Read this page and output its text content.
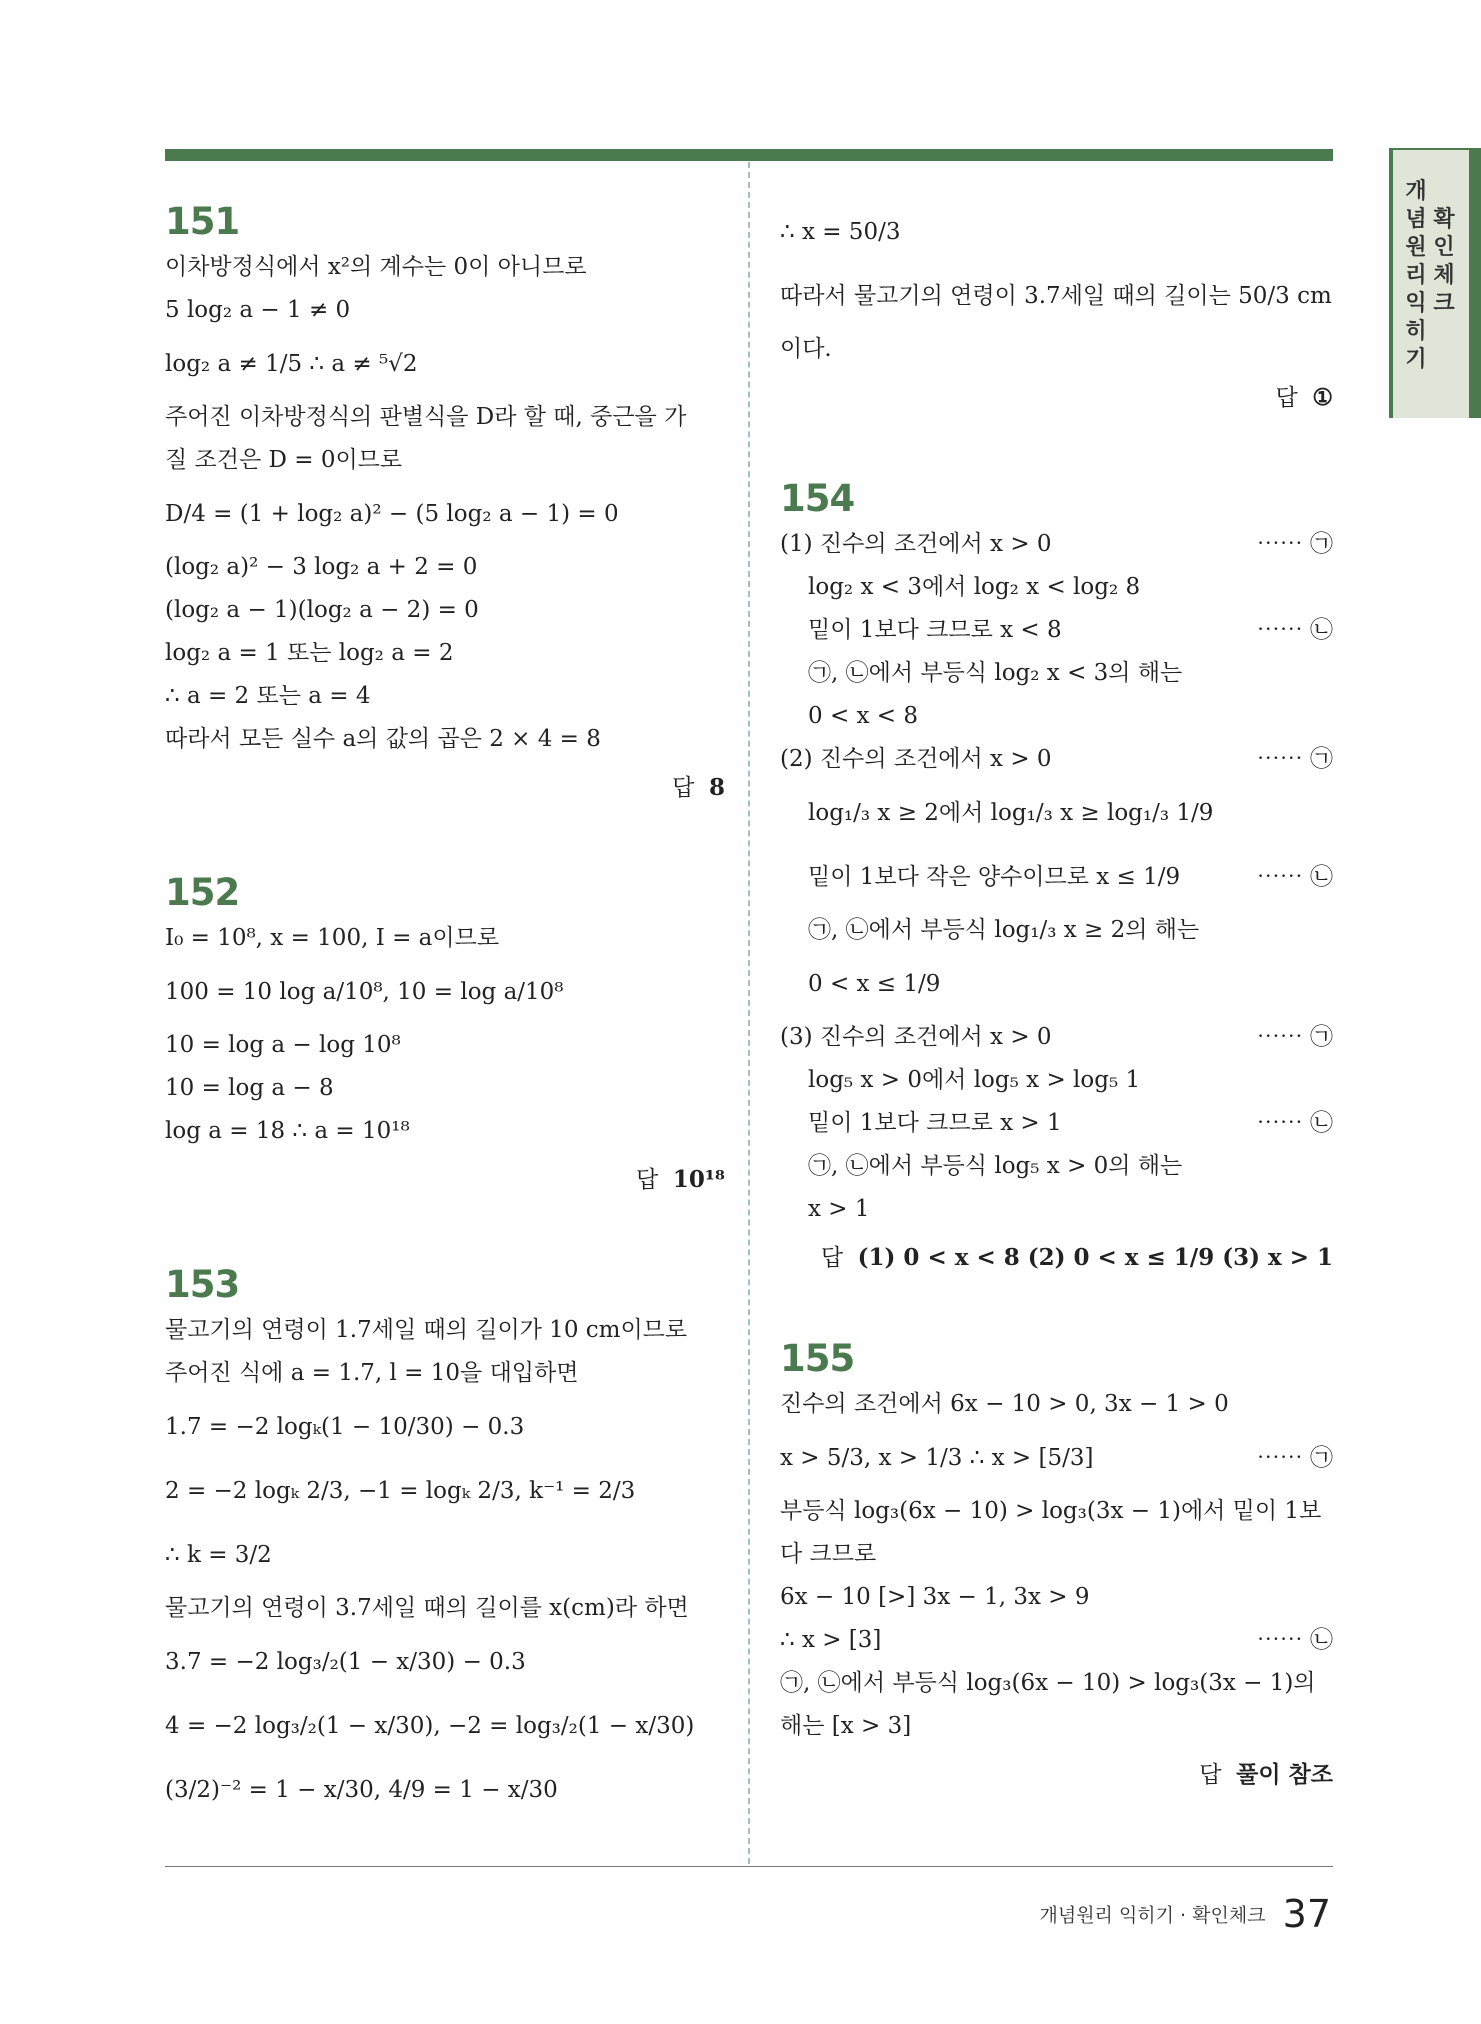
개념원리 익히기
확인체크
151
이차방정식에서 x²의 계수는 0이 아니므로
5 log₂ a − 1 ≠ 0
log₂ a ≠ 1/5 ∴ a ≠ ⁵√2
주어진 이차방정식의 판별식을 D라 할 때, 중근을 가
질 조건은 D = 0이므로
D/4 = (1 + log₂ a)² − (5 log₂ a − 1) = 0
(log₂ a)² − 3 log₂ a + 2 = 0
(log₂ a − 1)(log₂ a − 2) = 0
log₂ a = 1 또는 log₂ a = 2
∴ a = 2 또는 a = 4
따라서 모든 실수 a의 값의 곱은 2 × 4 = 8
답 8
152
I₀ = 10⁸, x = 100, I = a이므로
100 = 10 log a/10⁸, 10 = log a/10⁸
10 = log a − log 10⁸
10 = log a − 8
log a = 18 ∴ a = 10¹⁸
답 10¹⁸
153
물고기의 연령이 1.7세일 때의 길이가 10 cm이므로
주어진 식에 a = 1.7, l = 10을 대입하면
1.7 = −2 logₖ(1 − 10/30) − 0.3
2 = −2 logₖ 2/3, −1 = logₖ 2/3, k⁻¹ = 2/3
∴ k = 3/2
물고기의 연령이 3.7세일 때의 길이를 x(cm)라 하면
3.7 = −2 log₃/₂(1 − x/30) − 0.3
4 = −2 log₃/₂(1 − x/30), −2 = log₃/₂(1 − x/30)
(3/2)⁻² = 1 − x/30, 4/9 = 1 − x/30
∴ x = 50/3
따라서 물고기의 연령이 3.7세일 때의 길이는 50/3 cm
이다.
답 ①
154
(1) 진수의 조건에서 x > 0	⋯⋯ ㉠
log₂ x < 3에서 log₂ x < log₂ 8
밑이 1보다 크므로 x < 8	⋯⋯ ㉡
㉠, ㉡에서 부등식 log₂ x < 3의 해는
0 < x < 8
(2) 진수의 조건에서 x > 0	⋯⋯ ㉠
log₁/₃ x ≥ 2에서 log₁/₃ x ≥ log₁/₃ 1/9
밑이 1보다 작은 양수이므로 x ≤ 1/9	⋯⋯ ㉡
㉠, ㉡에서 부등식 log₁/₃ x ≥ 2의 해는
0 < x ≤ 1/9
(3) 진수의 조건에서 x > 0	⋯⋯ ㉠
log₅ x > 0에서 log₅ x > log₅ 1
밑이 1보다 크므로 x > 1	⋯⋯ ㉡
㉠, ㉡에서 부등식 log₅ x > 0의 해는
x > 1
답 (1) 0 < x < 8 (2) 0 < x ≤ 1/9 (3) x > 1
155
진수의 조건에서 6x − 10 > 0, 3x − 1 > 0
x > 5/3, x > 1/3 ∴ x > [5/3]	⋯⋯ ㉠
부등식 log₃(6x − 10) > log₃(3x − 1)에서 밑이 1보
다 크므로
6x − 10 [>] 3x − 1, 3x > 9
∴ x > [3]	⋯⋯ ㉡
㉠, ㉡에서 부등식 log₃(6x − 10) > log₃(3x − 1)의
해는 [x > 3]
답 풀이 참조
개념원리 익히기 · 확인체크 37
